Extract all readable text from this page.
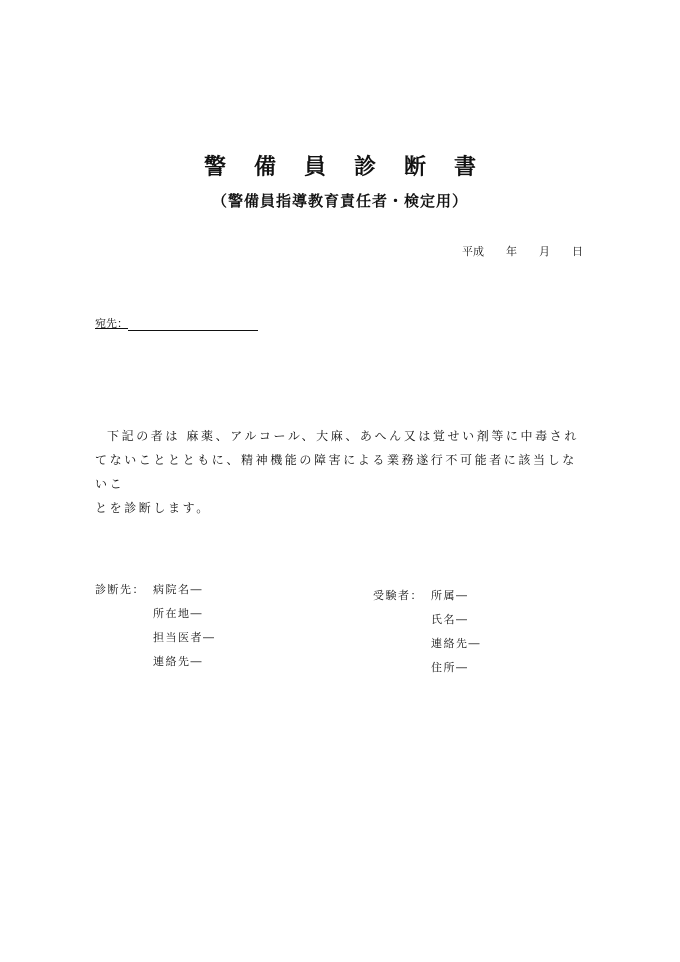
警備員診断書
（警備員指導教育責任者・検定用）
平成 年 月 日
宛先：

下記の者は 麻薬、アルコール、大麻、あへん又は覚せい剤等に中毒され

てないこととともに、精神機能の障害による業務遂行不可能者に該当しないこ

とを診断します。

診断先： 病院名―
所在地―
担当医者―
連絡先―
受験者： 所属―
氏名―
連絡先―
住所―
